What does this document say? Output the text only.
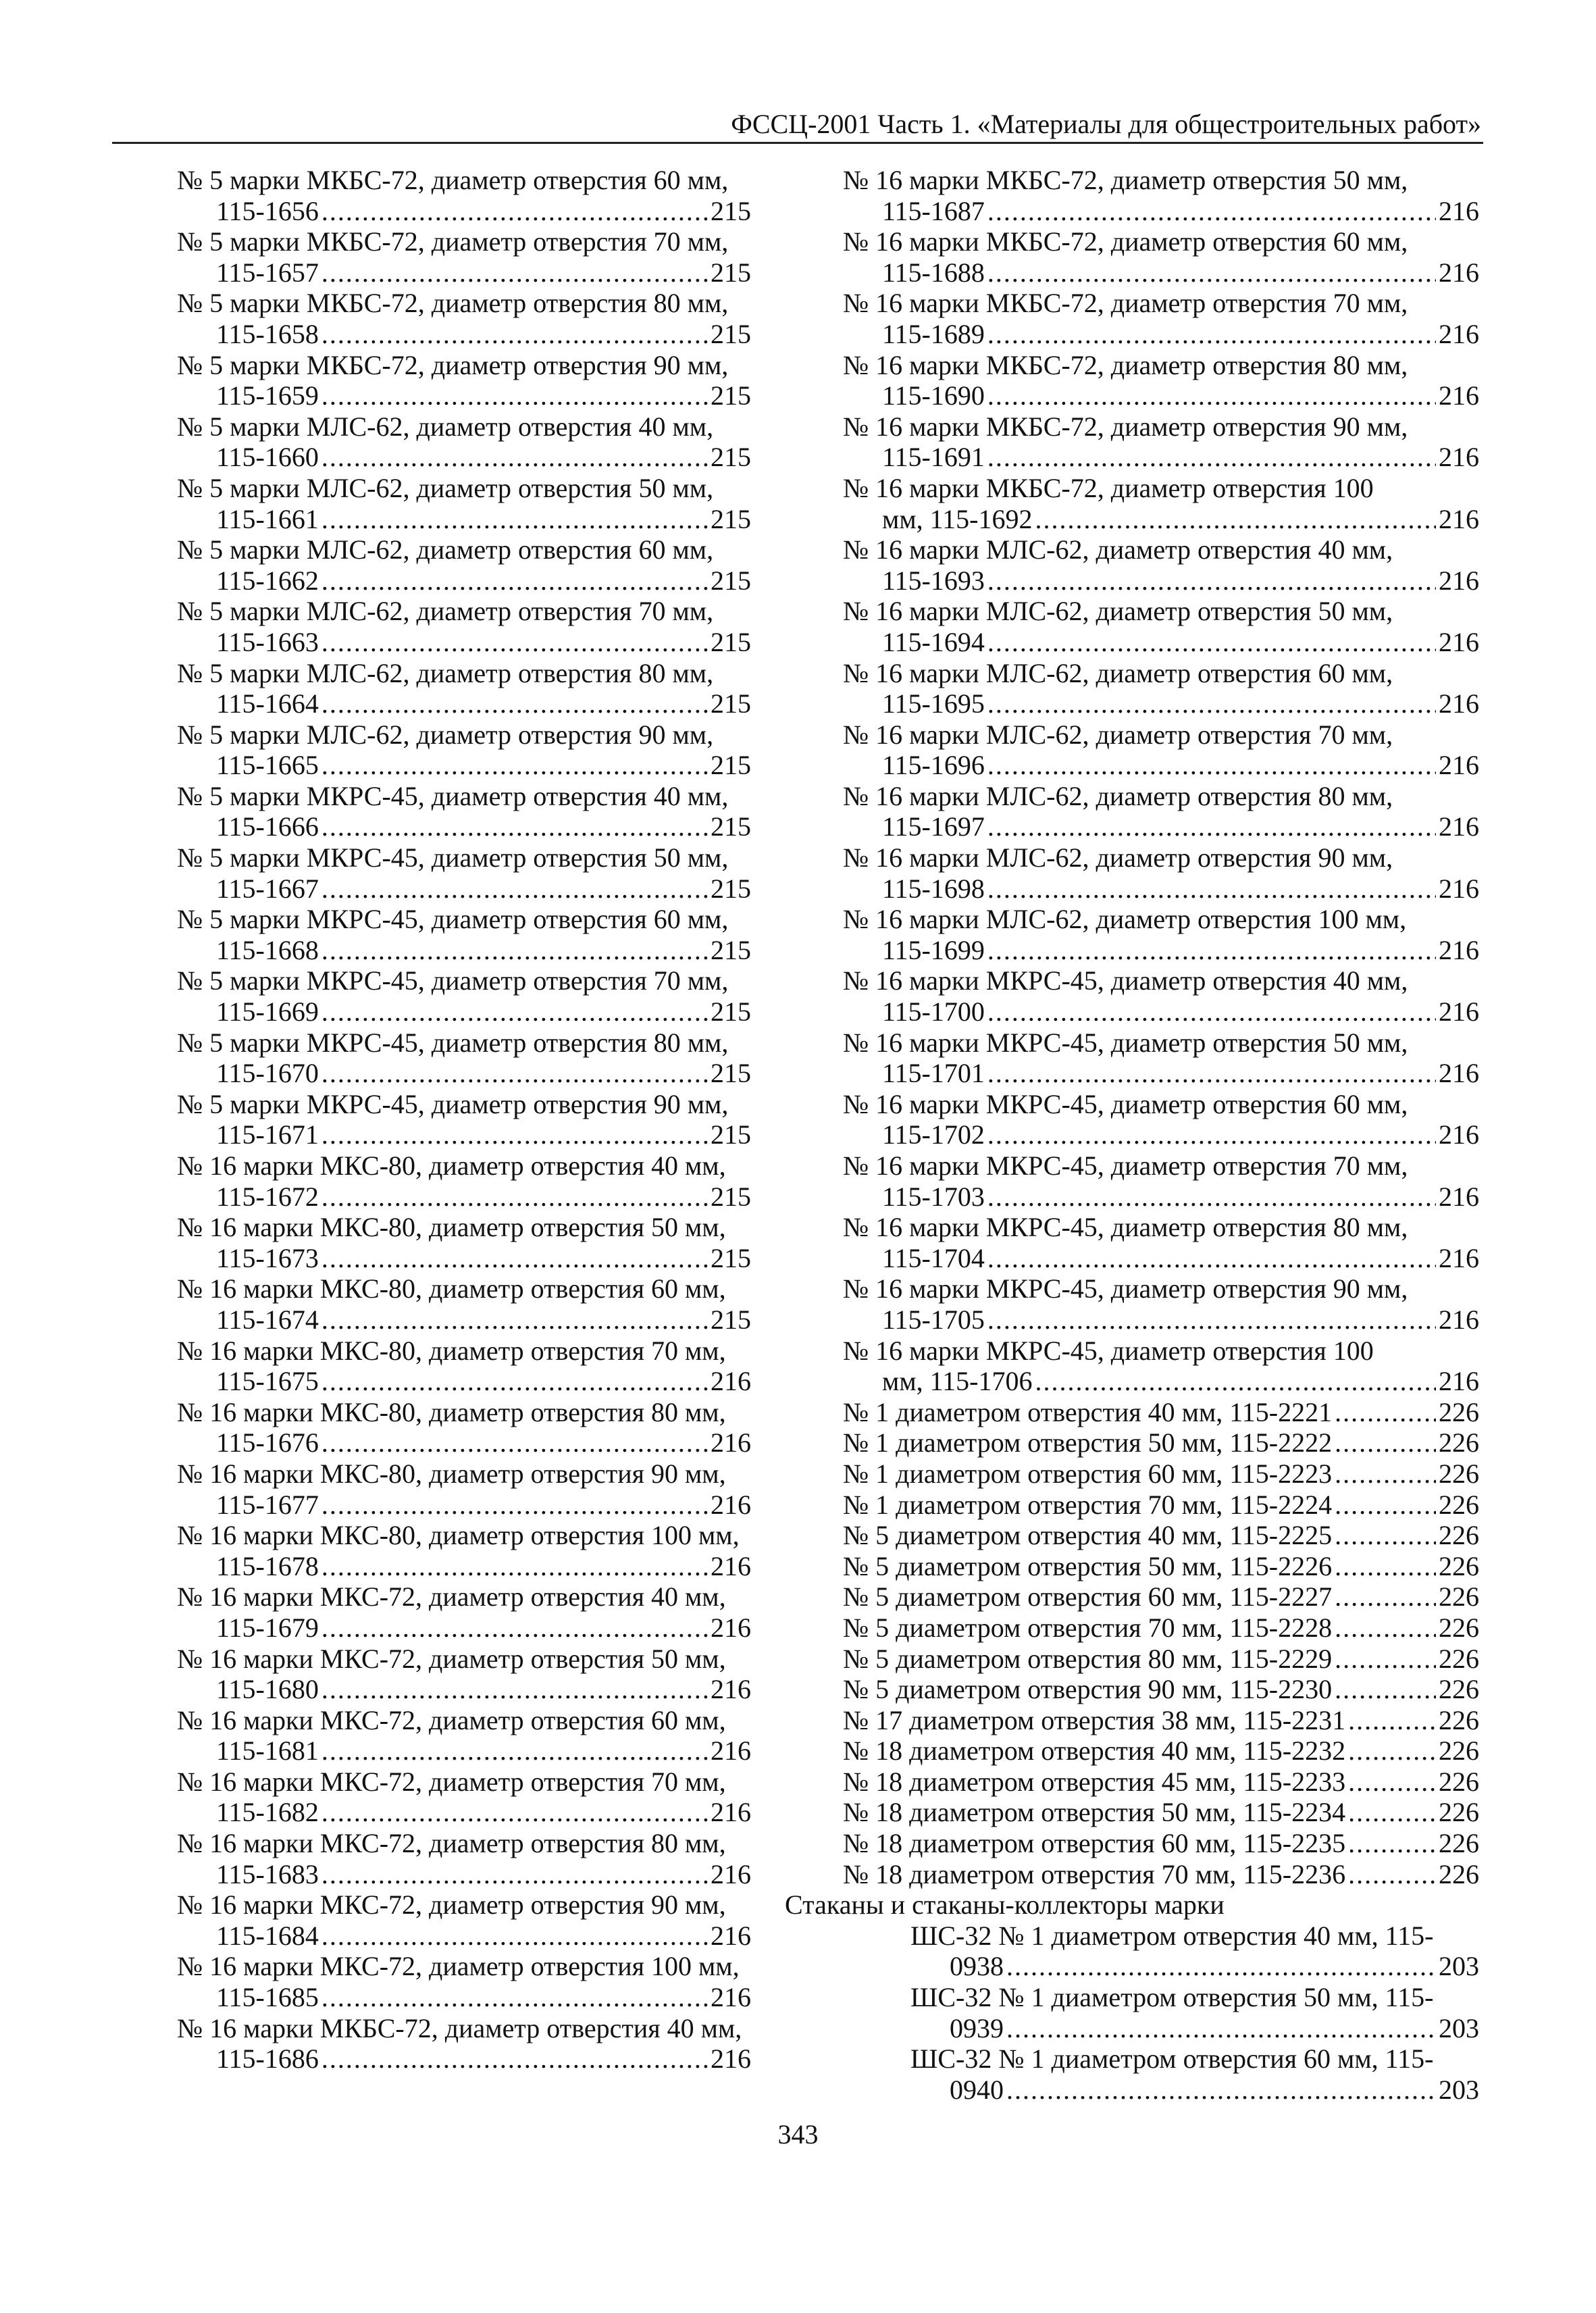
ФССЦ-2001 Часть 1. «Материалы для общестроительных работ»
№ 5 марки МКБС-72, диаметр отверстия 60 мм,
115-1656 .....	215
№ 5 марки МКБС-72, диаметр отверстия 70 мм,
115-1657 .....	215
№ 5 марки МКБС-72, диаметр отверстия 80 мм,
115-1658 .....	215
№ 5 марки МКБС-72, диаметр отверстия 90 мм,
115-1659 .....	215
№ 5 марки МЛС-62, диаметр отверстия 40 мм,
115-1660 .....	215
№ 5 марки МЛС-62, диаметр отверстия 50 мм,
115-1661 .....	215
№ 5 марки МЛС-62, диаметр отверстия 60 мм,
115-1662 .....	215
№ 5 марки МЛС-62, диаметр отверстия 70 мм,
115-1663 .....	215
№ 5 марки МЛС-62, диаметр отверстия 80 мм,
115-1664 .....	215
№ 5 марки МЛС-62, диаметр отверстия 90 мм,
115-1665 .....	215
№ 5 марки МКРС-45, диаметр отверстия 40 мм,
115-1666 .....	215
№ 5 марки МКРС-45, диаметр отверстия 50 мм,
115-1667 .....	215
№ 5 марки МКРС-45, диаметр отверстия 60 мм,
115-1668 .....	215
№ 5 марки МКРС-45, диаметр отверстия 70 мм,
115-1669 .....	215
№ 5 марки МКРС-45, диаметр отверстия 80 мм,
115-1670 .....	215
№ 5 марки МКРС-45, диаметр отверстия 90 мм,
115-1671 .....	215
№ 16 марки МКС-80, диаметр отверстия 40 мм,
115-1672 .....	215
№ 16 марки МКС-80, диаметр отверстия 50 мм,
115-1673 .....	215
№ 16 марки МКС-80, диаметр отверстия 60 мм,
115-1674 .....	215
№ 16 марки МКС-80, диаметр отверстия 70 мм,
115-1675 .....	216
№ 16 марки МКС-80, диаметр отверстия 80 мм,
115-1676 .....	216
№ 16 марки МКС-80, диаметр отверстия 90 мм,
115-1677 .....	216
№ 16 марки МКС-80, диаметр отверстия 100 мм,
115-1678 .....	216
№ 16 марки МКС-72, диаметр отверстия 40 мм,
115-1679 .....	216
№ 16 марки МКС-72, диаметр отверстия 50 мм,
115-1680 .....	216
№ 16 марки МКС-72, диаметр отверстия 60 мм,
115-1681 .....	216
№ 16 марки МКС-72, диаметр отверстия 70 мм,
115-1682 .....	216
№ 16 марки МКС-72, диаметр отверстия 80 мм,
115-1683 .....	216
№ 16 марки МКС-72, диаметр отверстия 90 мм,
115-1684 .....	216
№ 16 марки МКС-72, диаметр отверстия 100 мм,
115-1685 .....	216
№ 16 марки МКБС-72, диаметр отверстия 40 мм,
115-1686 .....	216
№ 16 марки МКБС-72, диаметр отверстия 50 мм,
115-1687 .....	216
№ 16 марки МКБС-72, диаметр отверстия 60 мм,
115-1688 .....	216
№ 16 марки МКБС-72, диаметр отверстия 70 мм,
115-1689 .....	216
№ 16 марки МКБС-72, диаметр отверстия 80 мм,
115-1690 .....	216
№ 16 марки МКБС-72, диаметр отверстия 90 мм,
115-1691 .....	216
№ 16 марки МКБС-72, диаметр отверстия 100
мм, 115-1692 .....	216
№ 16 марки МЛС-62, диаметр отверстия 40 мм,
115-1693 .....	216
№ 16 марки МЛС-62, диаметр отверстия 50 мм,
115-1694 .....	216
№ 16 марки МЛС-62, диаметр отверстия 60 мм,
115-1695 .....	216
№ 16 марки МЛС-62, диаметр отверстия 70 мм,
115-1696 .....	216
№ 16 марки МЛС-62, диаметр отверстия 80 мм,
115-1697 .....	216
№ 16 марки МЛС-62, диаметр отверстия 90 мм,
115-1698 .....	216
№ 16 марки МЛС-62, диаметр отверстия 100 мм,
115-1699 .....	216
№ 16 марки МКРС-45, диаметр отверстия 40 мм,
115-1700 .....	216
№ 16 марки МКРС-45, диаметр отверстия 50 мм,
115-1701 .....	216
№ 16 марки МКРС-45, диаметр отверстия 60 мм,
115-1702 .....	216
№ 16 марки МКРС-45, диаметр отверстия 70 мм,
115-1703 .....	216
№ 16 марки МКРС-45, диаметр отверстия 80 мм,
115-1704 .....	216
№ 16 марки МКРС-45, диаметр отверстия 90 мм,
115-1705 .....	216
№ 16 марки МКРС-45, диаметр отверстия 100
мм, 115-1706 .....	216
№ 1 диаметром отверстия 40 мм, 115-2221 .....	226
№ 1 диаметром отверстия 50 мм, 115-2222 .....	226
№ 1 диаметром отверстия 60 мм, 115-2223 .....	226
№ 1 диаметром отверстия 70 мм, 115-2224 .....	226
№ 5 диаметром отверстия 40 мм, 115-2225 .....	226
№ 5 диаметром отверстия 50 мм, 115-2226 .....	226
№ 5 диаметром отверстия 60 мм, 115-2227 .....	226
№ 5 диаметром отверстия 70 мм, 115-2228 .....	226
№ 5 диаметром отверстия 80 мм, 115-2229 .....	226
№ 5 диаметром отверстия 90 мм, 115-2230 .....	226
№ 17 диаметром отверстия 38 мм, 115-2231 .....	226
№ 18 диаметром отверстия 40 мм, 115-2232 .....	226
№ 18 диаметром отверстия 45 мм, 115-2233 .....	226
№ 18 диаметром отверстия 50 мм, 115-2234 .....	226
№ 18 диаметром отверстия 60 мм, 115-2235 .....	226
№ 18 диаметром отверстия 70 мм, 115-2236 .....	226
Стаканы и стаканы-коллекторы марки
ШС-32 № 1 диаметром отверстия 40 мм, 115-
0938 .....	203
ШС-32 № 1 диаметром отверстия 50 мм, 115-
0939 .....	203
ШС-32 № 1 диаметром отверстия 60 мм, 115-
0940 .....	203
343
